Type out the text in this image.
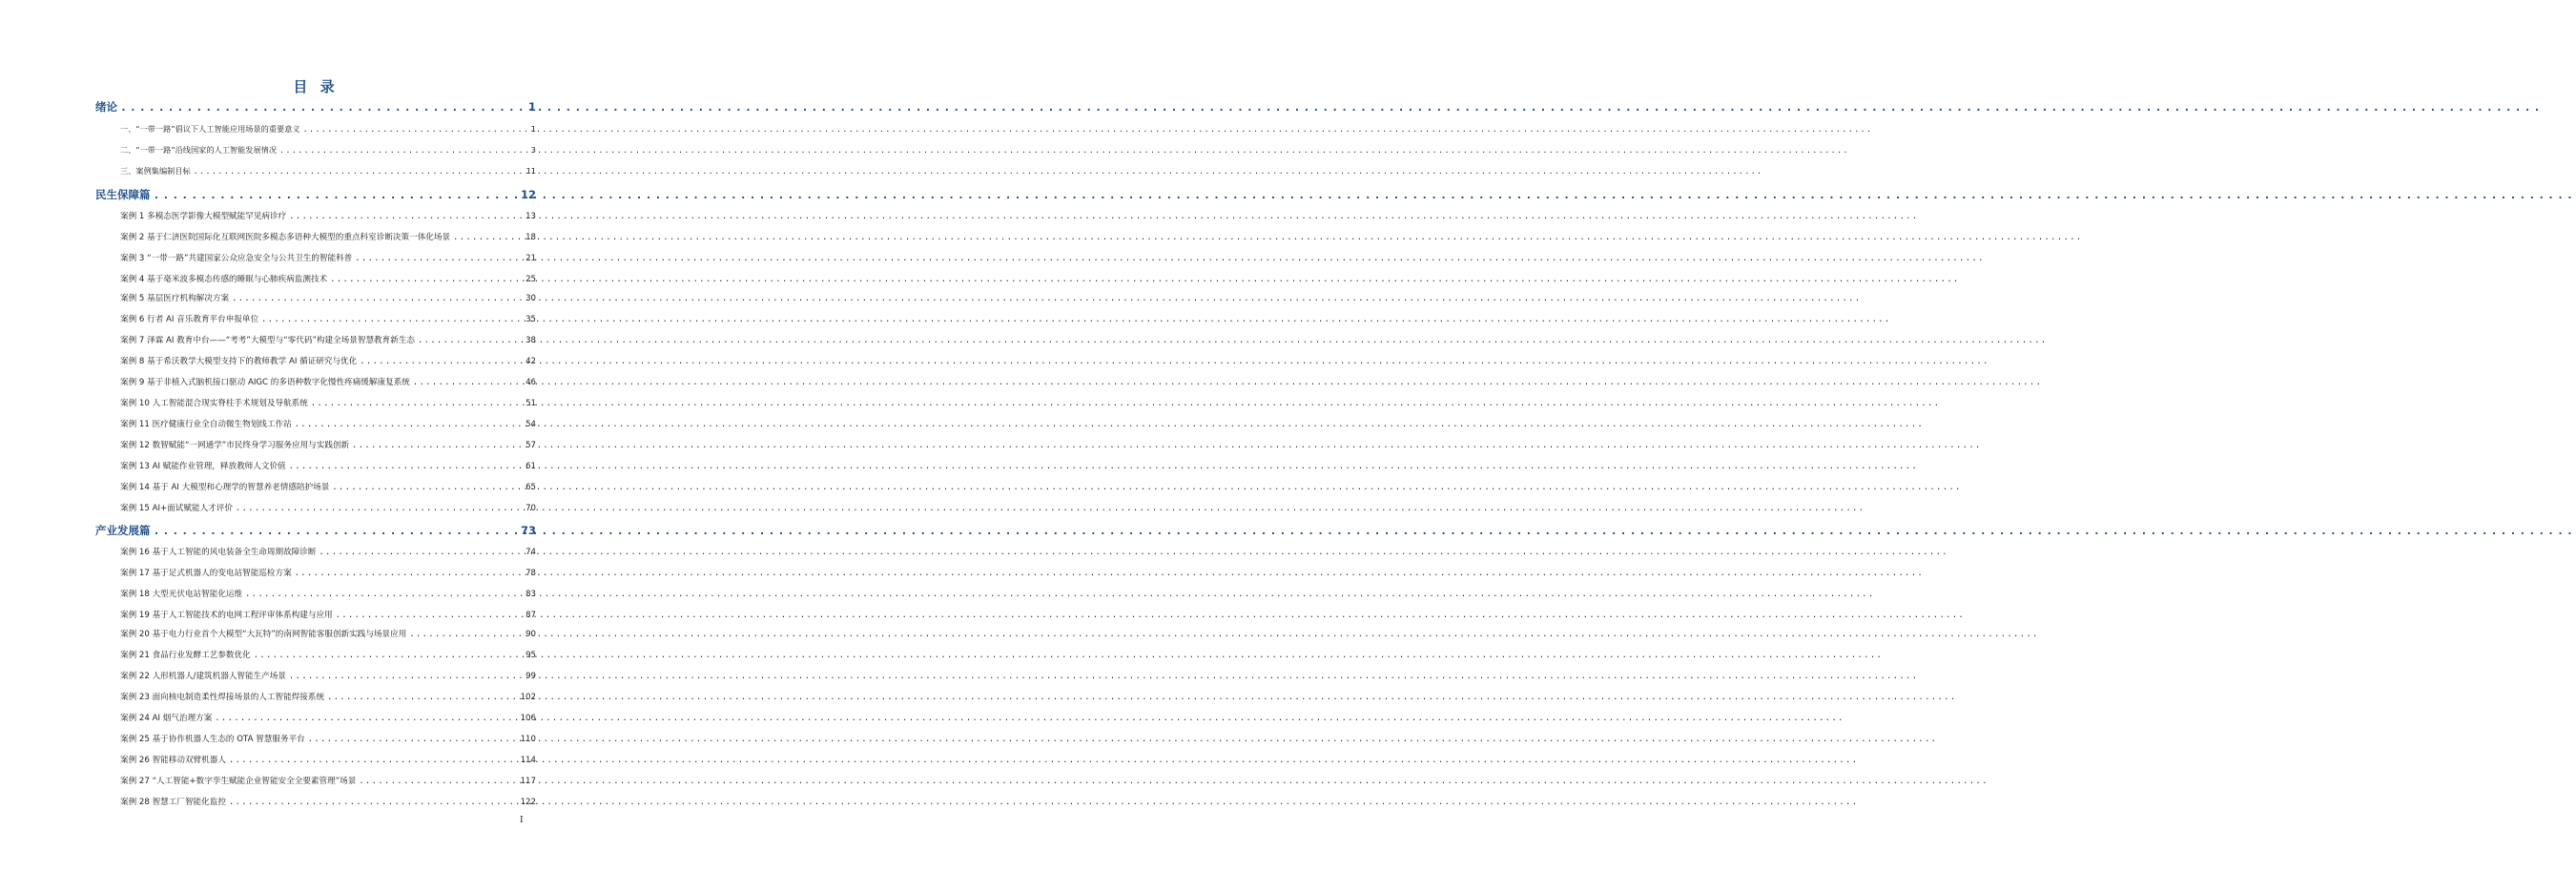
目 录
绪论 .....	1
一、“一带一路”倡议下人工智能应用场景的重要意义 .....	1
二、“一带一路”沿线国家的人工智能发展情况 .....	3
三、案例集编制目标 .....	11
民生保障篇 .....	12
案例 1 多模态医学影像大模型赋能罕见病诊疗 .....	13
案例 2 基于仁济医院国际化互联网医院多模态多语种大模型的重点科室诊断决策一体化场景 .....	18
案例 3 “一带一路”共建国家公众应急安全与公共卫生的智能科普 .....	21
案例 4 基于毫米波多模态传感的睡眠与心肺疾病监测技术 .....	25
案例 5 基层医疗机构解决方案 .....	30
案例 6 行者 AI 音乐教育平台申报单位 .....	35
案例 7 泽霖 AI 教育中台——“考考”大模型与“零代码”构建全场景智慧教育新生态 .....	38
案例 8 基于希沃教学大模型支持下的教师教学 AI 循证研究与优化 .....	42
案例 9 基于非植入式脑机接口驱动 AIGC 的多语种数字化慢性疼痛缓解康复系统 .....	46
案例 10 人工智能混合现实脊柱手术规划及导航系统 .....	51
案例 11 医疗健康行业全自动微生物划线工作站 .....	54
案例 12 数智赋能“一网通学”市民终身学习服务应用与实践创新 .....	57
案例 13 AI 赋能作业管理，释放教师人文价值 .....	61
案例 14 基于 AI 大模型和心理学的智慧养老情感陪护场景 .....	65
案例 15 AI+面试赋能人才评价 .....	70
产业发展篇 .....	73
案例 16 基于人工智能的风电装备全生命周期故障诊断 .....	74
案例 17 基于足式机器人的变电站智能巡检方案 .....	78
案例 18 大型光伏电站智能化运维 .....	83
案例 19 基于人工智能技术的电网工程评审体系构建与应用 .....	87
案例 20 基于电力行业首个大模型“大瓦特”的南网智能客服创新实践与场景应用 .....	90
案例 21 食品行业发酵工艺参数优化 .....	95
案例 22 人形机器人/建筑机器人智能生产场景 .....	99
案例 23 面向核电制造柔性焊接场景的人工智能焊接系统 .....	102
案例 24 AI 烟气治理方案 .....	106
案例 25 基于协作机器人生态的 OTA 智慧服务平台 .....	110
案例 26 智能移动双臂机器人 .....	114
案例 27 “人工智能+数字孪生赋能企业智能安全全要素管理”场景 .....	117
案例 28 智慧工厂智能化监控 .....	122
I
